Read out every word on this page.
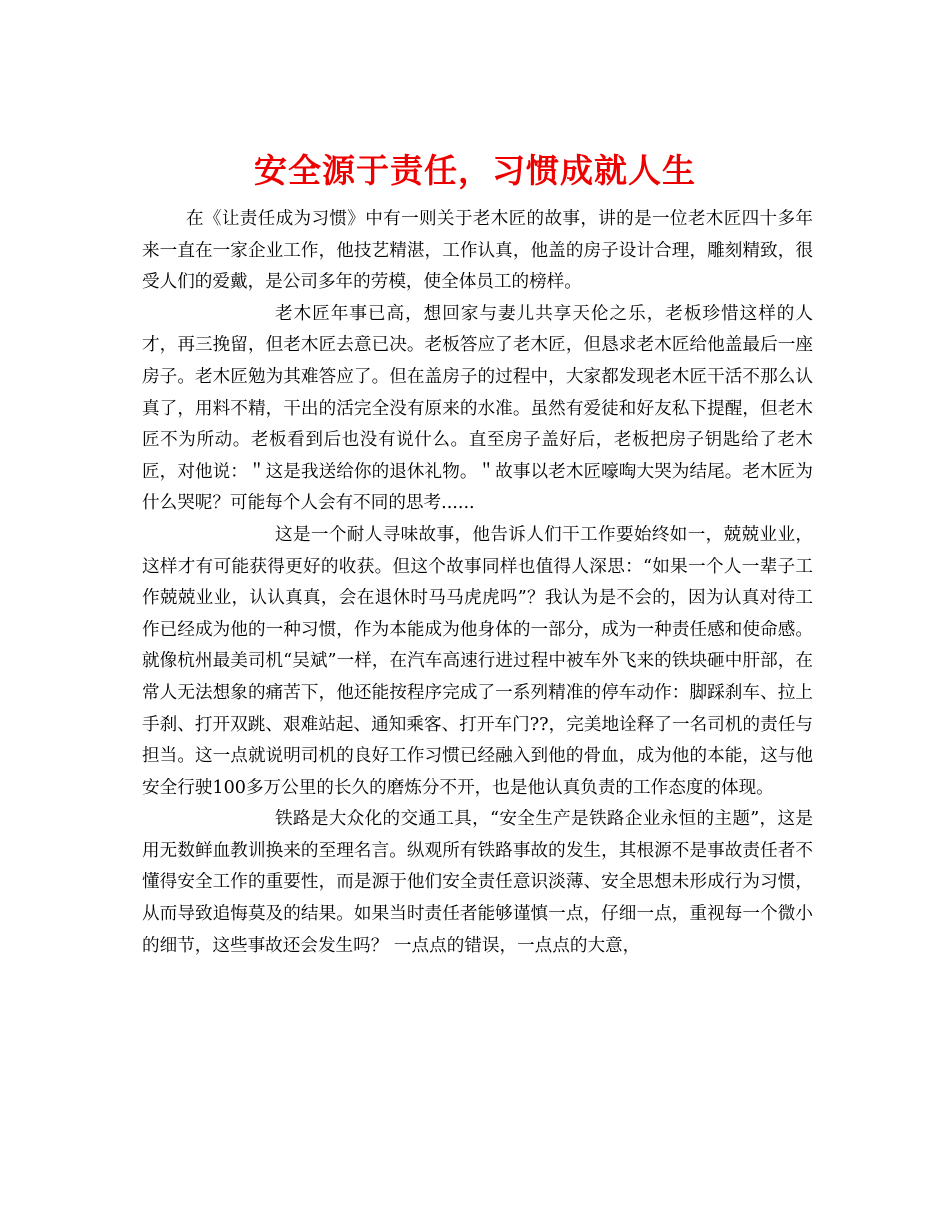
安全源于责任，习惯成就人生

在《让责任成为习惯》中有一则关于老木匠的故事，讲的是一位老木匠四十多年来一直在一家企业工作，他技艺精湛，工作认真，他盖的房子设计合理，雕刻精致，很受人们的爱戴，是公司多年的劳模，使全体员工的榜样。

老木匠年事已高，想回家与妻儿共享天伦之乐，老板珍惜这样的人才，再三挽留，但老木匠去意已决。老板答应了老木匠，但恳求老木匠给他盖最后一座房子。老木匠勉为其难答应了。但在盖房子的过程中，大家都发现老木匠干活不那么认真了，用料不精，干出的活完全没有原来的水准。虽然有爱徒和好友私下提醒，但老木匠不为所动。老板看到后也没有说什么。直至房子盖好后，老板把房子钥匙给了老木匠，对他说：＂这是我送给你的退休礼物。＂故事以老木匠嚎啕大哭为结尾。老木匠为什么哭呢？可能每个人会有不同的思考......

这是一个耐人寻味故事，他告诉人们干工作要始终如一，兢兢业业，这样才有可能获得更好的收获。但这个故事同样也值得人深思：“如果一个人一辈子工作兢兢业业，认认真真，会在退休时马马虎虎吗”？我认为是不会的，因为认真对待工作已经成为他的一种习惯，作为本能成为他身体的一部分，成为一种责任感和使命感。就像杭州最美司机“吴斌”一样，在汽车高速行进过程中被车外飞来的铁块砸中肝部，在常人无法想象的痛苦下，他还能按程序完成了一系列精准的停车动作：脚踩刹车、拉上手刹、打开双跳、艰难站起、通知乘客、打开车门??，完美地诠释了一名司机的责任与担当。这一点就说明司机的良好工作习惯已经融入到他的骨血，成为他的本能，这与他安全行驶100多万公里的长久的磨炼分不开，也是他认真负责的工作态度的体现。

铁路是大众化的交通工具，“安全生产是铁路企业永恒的主题”，这是用无数鲜血教训换来的至理名言。纵观所有铁路事故的发生，其根源不是事故责任者不懂得安全工作的重要性，而是源于他们安全责任意识淡薄、安全思想未形成行为习惯，从而导致追悔莫及的结果。如果当时责任者能够谨慎一点，仔细一点，重视每一个微小的细节，这些事故还会发生吗？ 一点点的错误，一点点的大意，
